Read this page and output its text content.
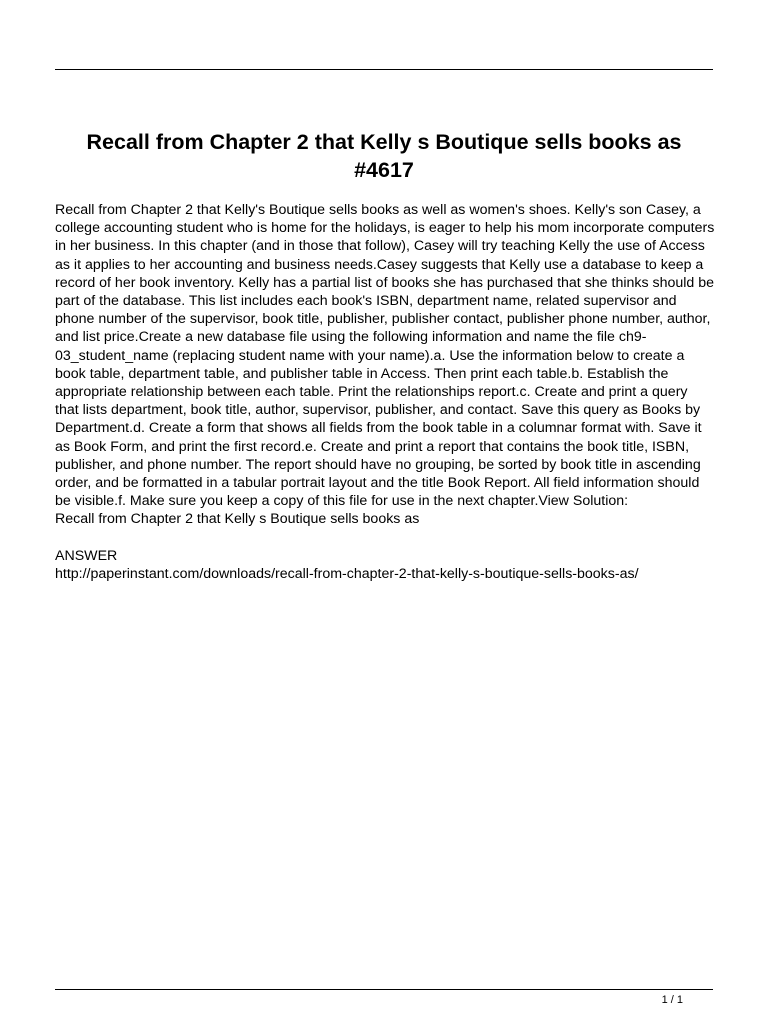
Recall from Chapter 2 that Kelly s Boutique sells books as
#4617

Recall from Chapter 2 that Kelly's Boutique sells books as well as women's shoes. Kelly's son Casey, a college accounting student who is home for the holidays, is eager to help his mom incorporate computers in her business. In this chapter (and in those that follow), Casey will try teaching Kelly the use of Access as it applies to her accounting and business needs.Casey suggests that Kelly use a database to keep a record of her book inventory. Kelly has a partial list of books she has purchased that she thinks should be part of the database. This list includes each book's ISBN, department name, related supervisor and phone number of the supervisor, book title, publisher, publisher contact, publisher phone number, author, and list price.Create a new database file using the following information and name the file ch9-03_student_name (replacing student name with your name).a. Use the information below to create a book table, department table, and publisher table in Access. Then print each table.b. Establish the appropriate relationship between each table. Print the relationships report.c. Create and print a query that lists department, book title, author, supervisor, publisher, and contact. Save this query as Books by Department.d. Create a form that shows all fields from the book table in a columnar format with. Save it as Book Form, and print the first record.e. Create and print a report that contains the book title, ISBN, publisher, and phone number. The report should have no grouping, be sorted by book title in ascending order, and be formatted in a tabular portrait layout and the title Book Report. All field information should be visible.f. Make sure you keep a copy of this file for use in the next chapter.View Solution:

Recall from Chapter 2 that Kelly s Boutique sells books as

ANSWER

http://paperinstant.com/downloads/recall-from-chapter-2-that-kelly-s-boutique-sells-books-as/

1 / 1
